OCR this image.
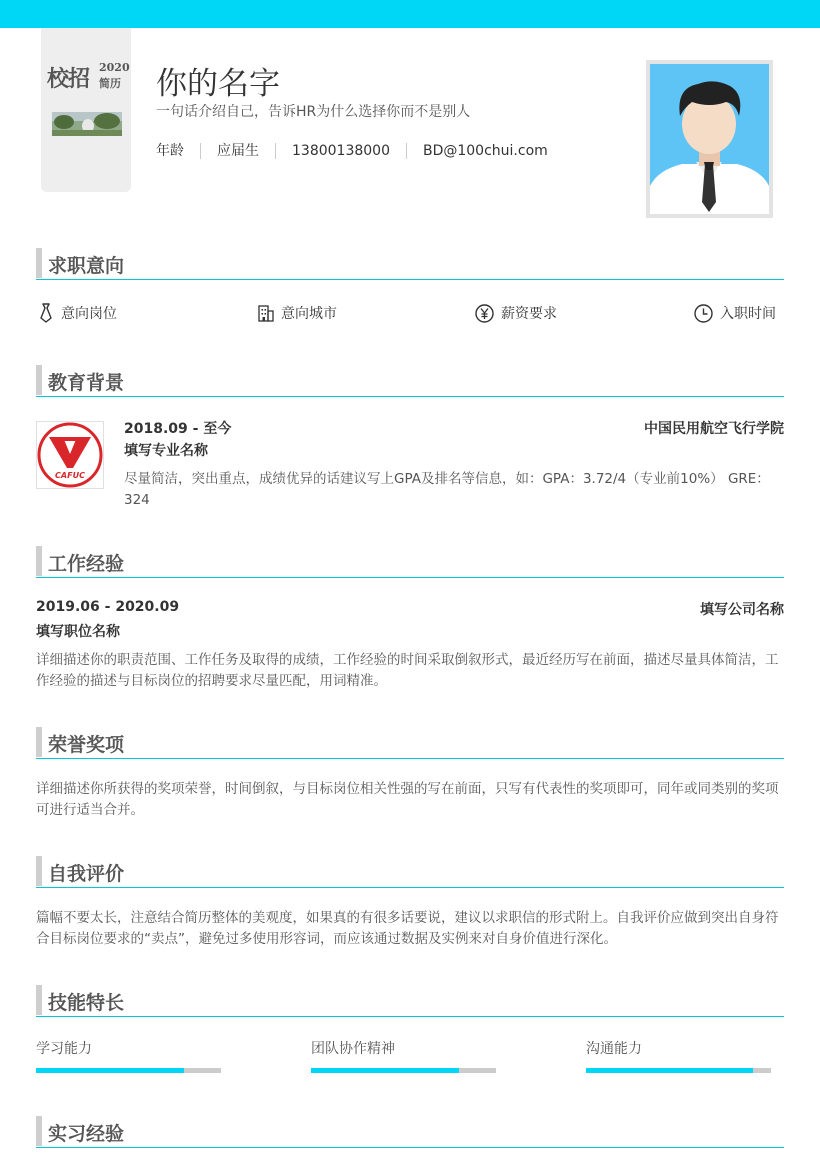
校招 2020
简历 你的名字
一句话介绍自己，告诉HR为什么选择你而不是别人
年龄	应届生	13800138000	BD@100chui.com
求职意向
意向岗位	意向城市	薪资要求	入职时间
教育背景
CAFUC
2018.09 - 至今	中国民用航空飞行学院
填写专业名称
尽量简洁，突出重点，成绩优异的话建议写上GPA及排名等信息，如：GPA：3.72/4（专业前10%） GRE：324
工作经验
2019.06 - 2020.09	填写公司名称
填写职位名称
详细描述你的职责范围、工作任务及取得的成绩，工作经验的时间采取倒叙形式，最近经历写在前面，描述尽量具体简洁，工作经验的描述与目标岗位的招聘要求尽量匹配，用词精准。
荣誉奖项
详细描述你所获得的奖项荣誉，时间倒叙，与目标岗位相关性强的写在前面，只写有代表性的奖项即可，同年或同类别的奖项可进行适当合并。
自我评价
篇幅不要太长，注意结合简历整体的美观度，如果真的有很多话要说，建议以求职信的形式附上。自我评价应做到突出自身符合目标岗位要求的“卖点”，避免过多使用形容词，而应该通过数据及实例来对自身价值进行深化。
技能特长
学习能力	团队协作精神	沟通能力
实习经验
